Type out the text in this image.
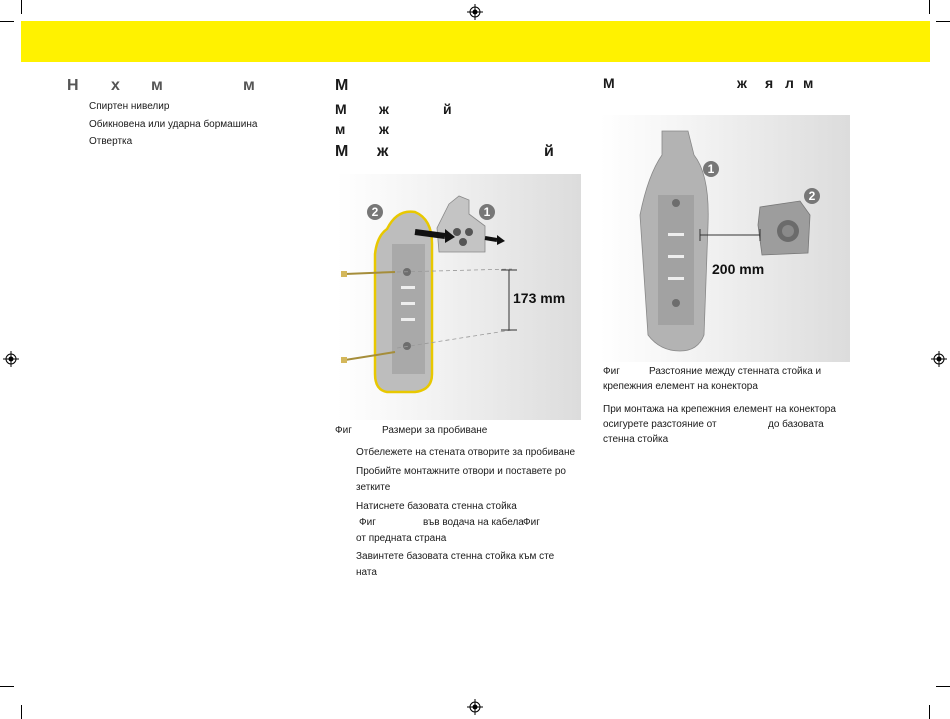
Н х м	м
Спиртен нивелир
Обикновена или ударна бормашина
Отвертка
М
М ж	й
м ж
М ж	й
2	1
173 mm
Фиг	Размери за пробиване
Отбележете на стената отворите за пробиване
Пробийте монтажните отвори и поставете ро
зетките
Натиснете базовата стенна стойка
Фиг	във водача на кабела Фиг
от предната страна
Завинтете базовата стенна стойка към сте
ната
М	ж я л м
1
2
200 mm
Фиг	Разстояние между стенната стойка и
крепежния елемент на конектора
При монтажа на крепежния елемент на конектора
осигурете разстояние от	до базовата
стенна стойка
